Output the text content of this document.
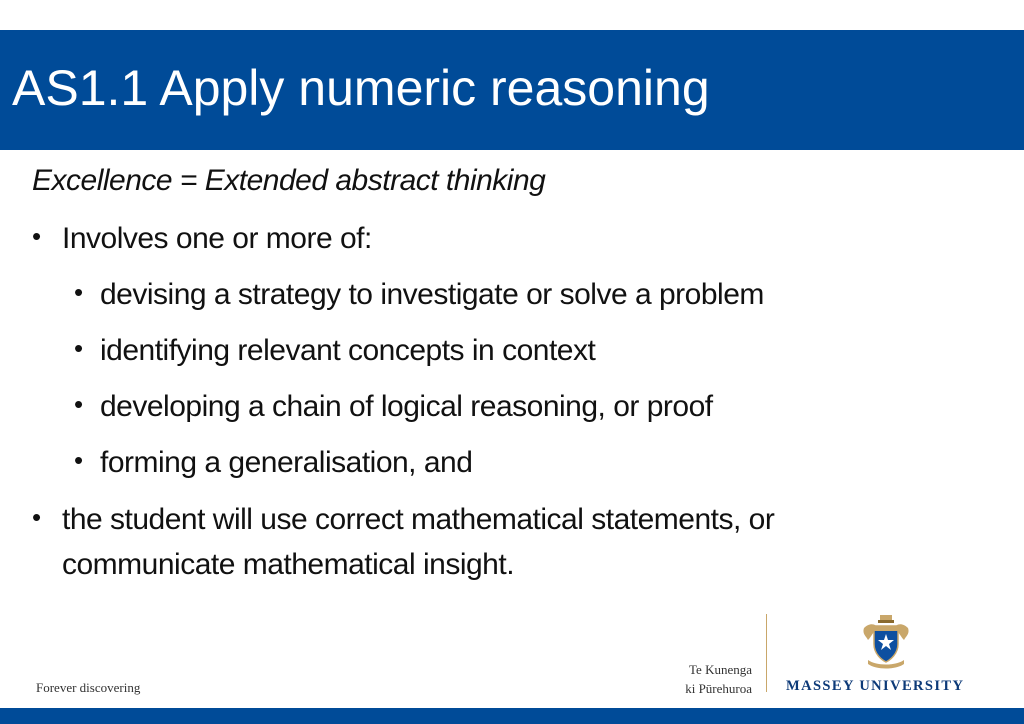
AS1.1 Apply numeric reasoning
Excellence = Extended abstract thinking
• Involves one or more of:
• devising a strategy to investigate or solve a problem
• identifying relevant concepts in context
• developing a chain of logical reasoning, or proof
• forming a generalisation, and
• the student will use correct mathematical statements, or
communicate mathematical insight.
Forever discovering
Te Kunenga
ki Pūrehuroa MASSEY UNIVERSITY
